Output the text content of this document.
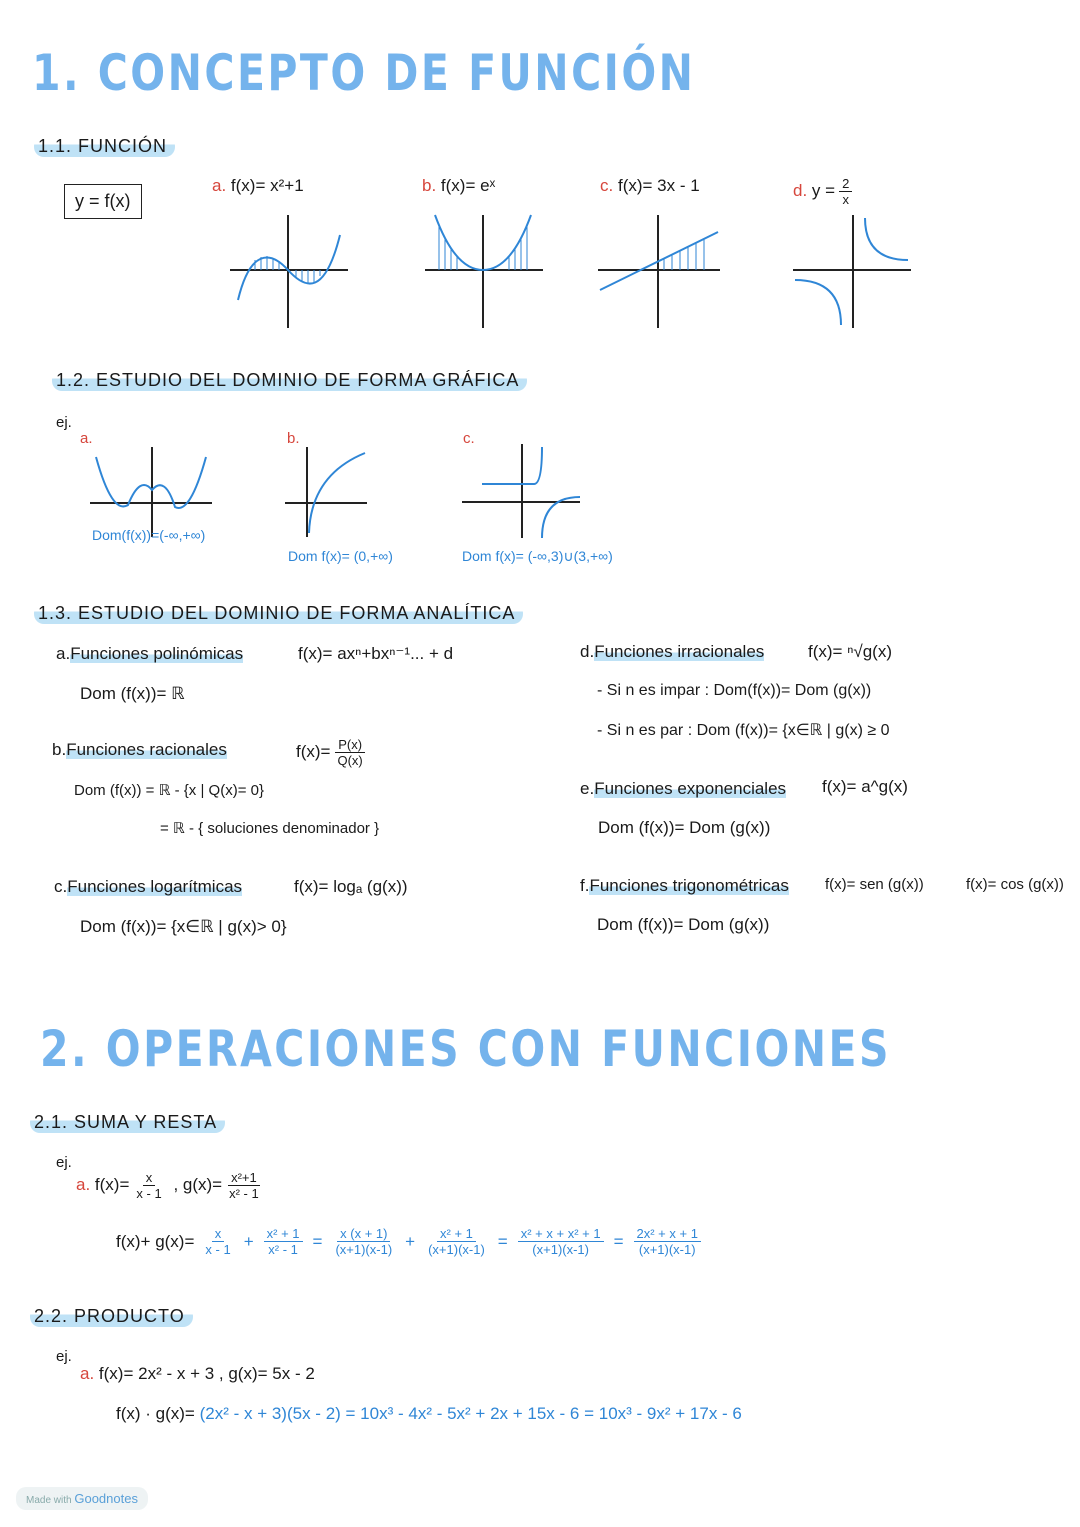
1. CONCEPTO DE FUNCIÓN
1.1. FUNCIÓN
y = f(x)
a. f(x)= x²+1	b. f(x)= eˣ	c. f(x)= 3x - 1	d. $y = \frac{2}{x}$
1.2. ESTUDIO DEL DOMINIO DE FORMA GRÁFICA
ej.
a.	b.	c.
Dom(f(x))=(-∞,+∞)
Dom f(x)= (0,+∞)	Dom f(x)= (-∞,3)∪(3,+∞)
1.3. ESTUDIO DEL DOMINIO DE FORMA ANALÍTICA
a.Funciones polinómicas	f(x)= axⁿ+bxⁿ⁻¹... + d
Dom (f(x))= ℝ
b.Funciones racionales	$f(x)= \frac{P(x)}{Q(x)}$
Dom (f(x)) = ℝ - {x | Q(x)= 0}
= ℝ - { soluciones denominador }
c.Funciones logarítmicas	f(x)= logₐ (g(x))
Dom (f(x))= {x∈ℝ | g(x)> 0}
d.Funciones irracionales	f(x)= ⁿ√g(x)
- Si n es impar : Dom(f(x))= Dom (g(x))
- Si n es par : Dom (f(x))= {x∈ℝ | g(x) ≥ 0
e.Funciones exponenciales f(x)= a^g(x)
Dom (f(x))= Dom (g(x))
f.Funciones trigonométricas f(x)= sen (g(x))	f(x)= cos (g(x))
Dom (f(x))= Dom (g(x))
2. OPERACIONES CON FUNCIONES
2.1. SUMA Y RESTA
ej.
a. $f(x)= \frac{x}{x - 1}$ , $g(x)= \frac{\text{x²+1}}{\text{x² - 1}}$
$f(x)+ g(x)= \frac{x}{x - 1} + \frac{\text{x² + 1}}{\text{x² - 1}} = \frac{x (x + 1)}{(x+1)(x-1)} + \frac{\text{x² + 1}}{(x+1)(x-1)} = \frac{\text{x² + x + x² + 1}}{(x+1)(x-1)} = \frac{\text{2x² + x + 1}}{(x+1)(x-1)}$
2.2. PRODUCTO
ej.
a. f(x)= 2x² - x + 3 , g(x)= 5x - 2
f(x) · g(x)= (2x² - x + 3)(5x - 2) = 10x³ - 4x² - 5x² + 2x + 15x - 6 = 10x³ - 9x² + 17x - 6
Made with Goodnotes
